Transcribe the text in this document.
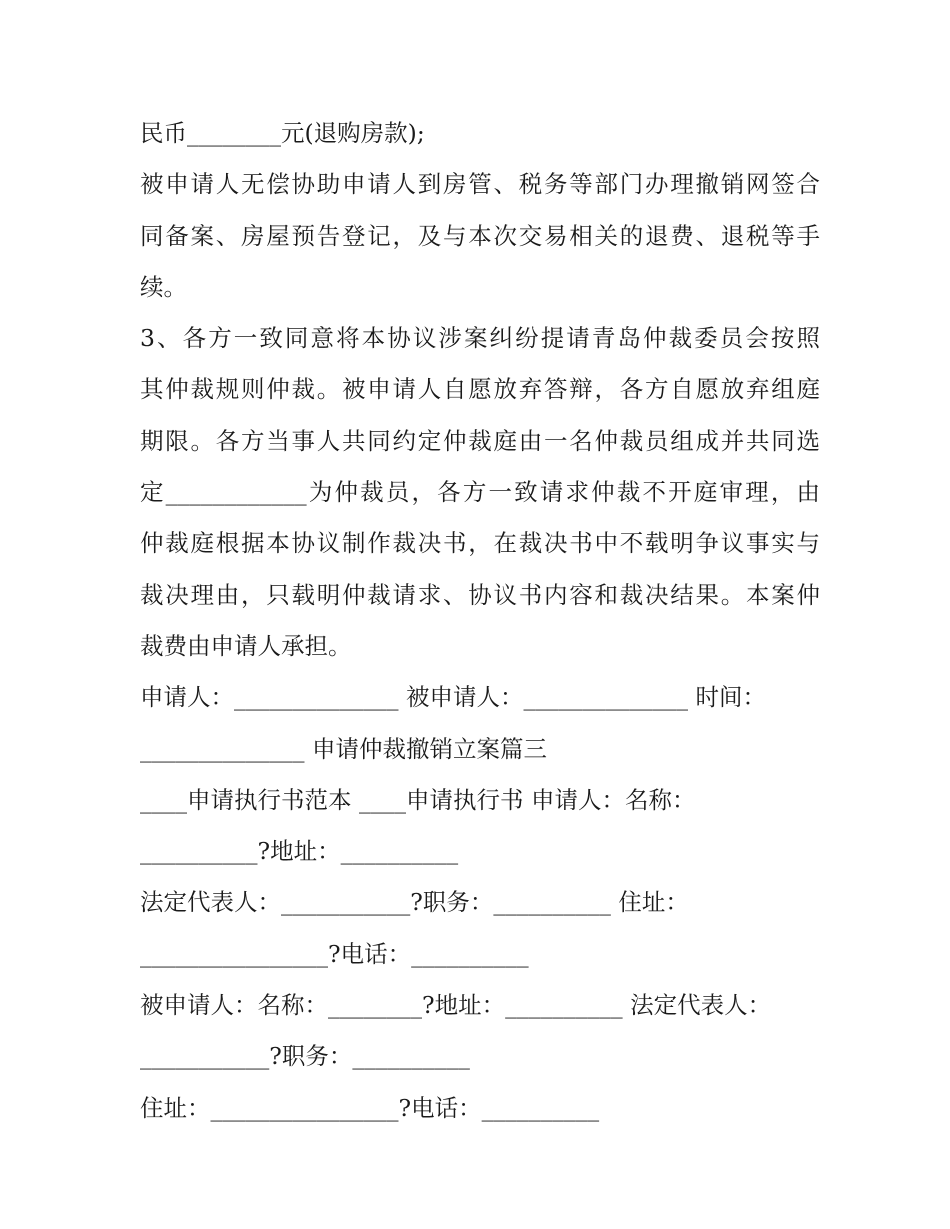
民币________元(退购房款);
被申请人无偿协助申请人到房管、税务等部门办理撤销网签合
同备案、房屋预告登记，及与本次交易相关的退费、退税等手
续。
3、各方一致同意将本协议涉案纠纷提请青岛仲裁委员会按照
其仲裁规则仲裁。被申请人自愿放弃答辩，各方自愿放弃组庭
期限。各方当事人共同约定仲裁庭由一名仲裁员组成并共同选
定____________为仲裁员，各方一致请求仲裁不开庭审理，由
仲裁庭根据本协议制作裁决书，在裁决书中不载明争议事实与
裁决理由，只载明仲裁请求、协议书内容和裁决结果。本案仲
裁费由申请人承担。
申请人：______________ 被申请人：______________ 时间：
______________ 申请仲裁撤销立案篇三
____申请执行书范本 ____申请执行书 申请人：名称：
__________?地址：__________
法定代表人：___________?职务：__________ 住址：
________________?电话：__________
被申请人：名称：________?地址：__________ 法定代表人：
___________?职务：__________
住址：________________?电话：__________
